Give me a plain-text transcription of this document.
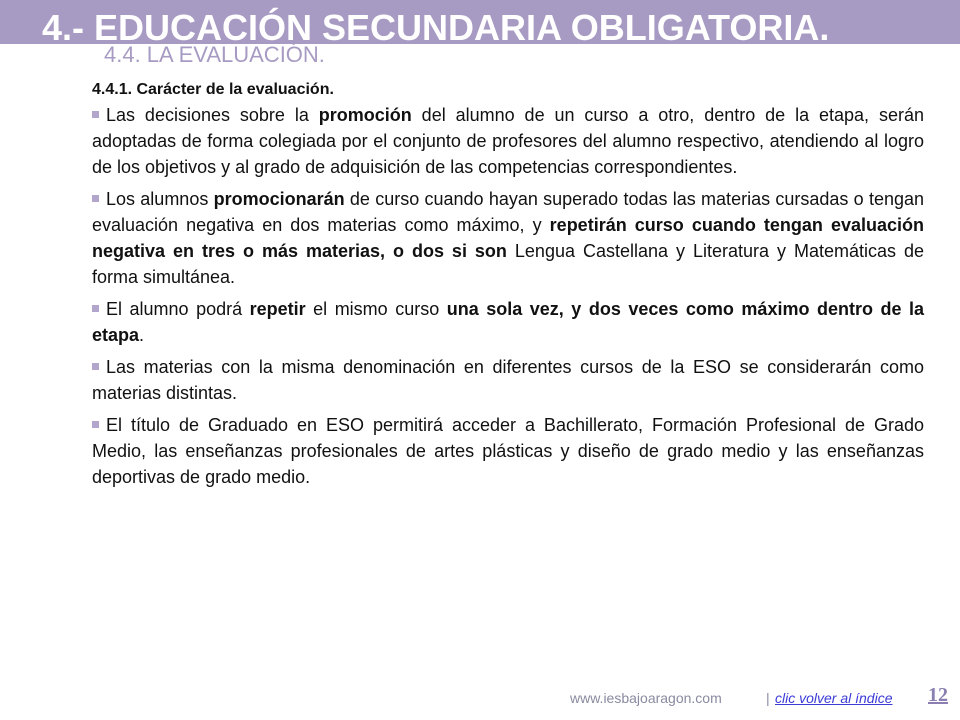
4.- EDUCACIÓN SECUNDARIA OBLIGATORIA.
4.4. LA EVALUACIÓN.
4.4.1. Carácter de la evaluación.
Las decisiones sobre la promoción del alumno de un curso a otro, dentro de la etapa, serán adoptadas de forma colegiada por el conjunto de profesores del alumno respectivo, atendiendo al logro de los objetivos y al grado de adquisición de las competencias correspondientes.
Los alumnos promocionarán de curso cuando hayan superado todas las materias cursadas o tengan evaluación negativa en dos materias como máximo, y repetirán curso cuando tengan evaluación negativa en tres o más materias, o dos si son Lengua Castellana y Literatura y Matemáticas de forma simultánea.
El alumno podrá repetir el mismo curso una sola vez, y dos veces como máximo dentro de la etapa.
Las materias con la misma denominación en diferentes cursos de la ESO se considerarán como materias distintas.
El título de Graduado en ESO permitirá acceder a Bachillerato, Formación Profesional de Grado Medio, las enseñanzas profesionales de artes plásticas y diseño de grado medio y las enseñanzas deportivas de grado medio.
www.iesbajoaragon.com	| clic volver al índice 12
